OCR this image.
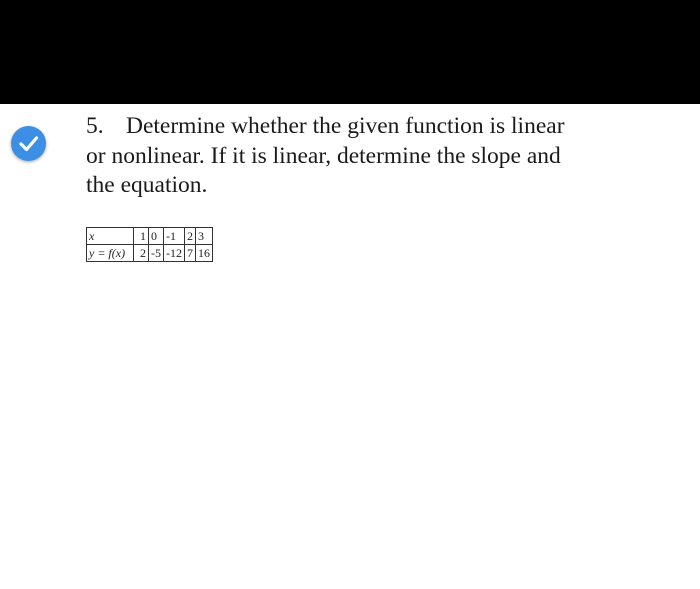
5. Determine whether the given function is linear
or nonlinear. If it is linear, determine the slope and
the equation.

x	1	0	-1	2	3
y = f(x)	2	-5	-12	7	16
